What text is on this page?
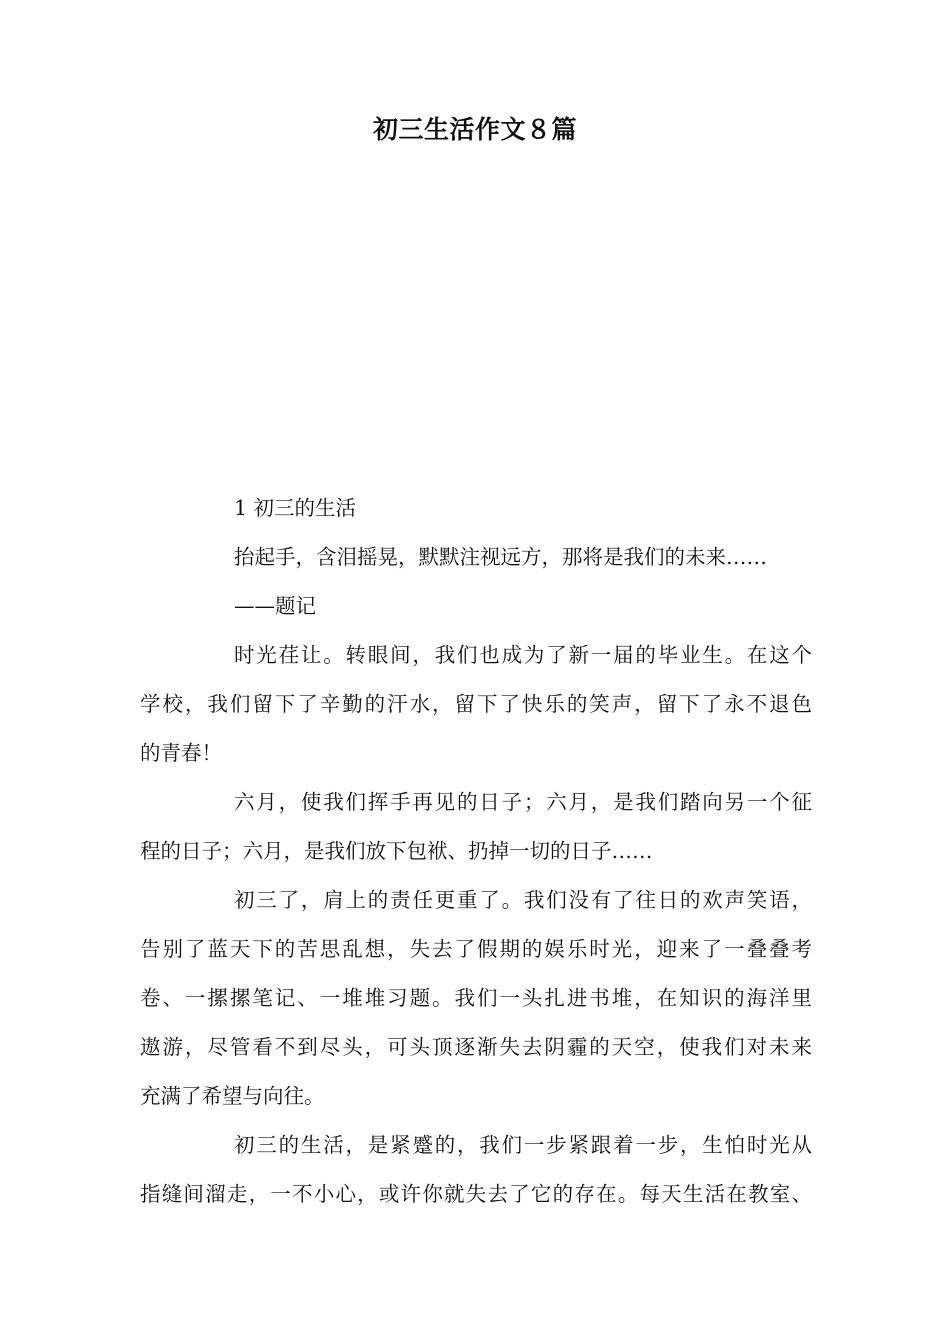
初三生活作文８篇
1 初三的生活
抬起手，含泪摇晃，默默注视远方，那将是我们的未来……
——题记
时光荏让。转眼间，我们也成为了新一届的毕业生。在这个
学校，我们留下了辛勤的汗水，留下了快乐的笑声，留下了永不退色
的青春！
六月，使我们挥手再见的日子；六月，是我们踏向另一个征
程的日子；六月，是我们放下包袱、扔掉一切的日子……
初三了，肩上的责任更重了。我们没有了往日的欢声笑语，
告别了蓝天下的苦思乱想，失去了假期的娱乐时光，迎来了一叠叠考
卷、一摞摞笔记、一堆堆习题。我们一头扎进书堆，在知识的海洋里
遨游，尽管看不到尽头，可头顶逐渐失去阴霾的天空，使我们对未来
充满了希望与向往。
初三的生活，是紧蹙的，我们一步紧跟着一步，生怕时光从
指缝间溜走，一不小心，或许你就失去了它的存在。每天生活在教室、
